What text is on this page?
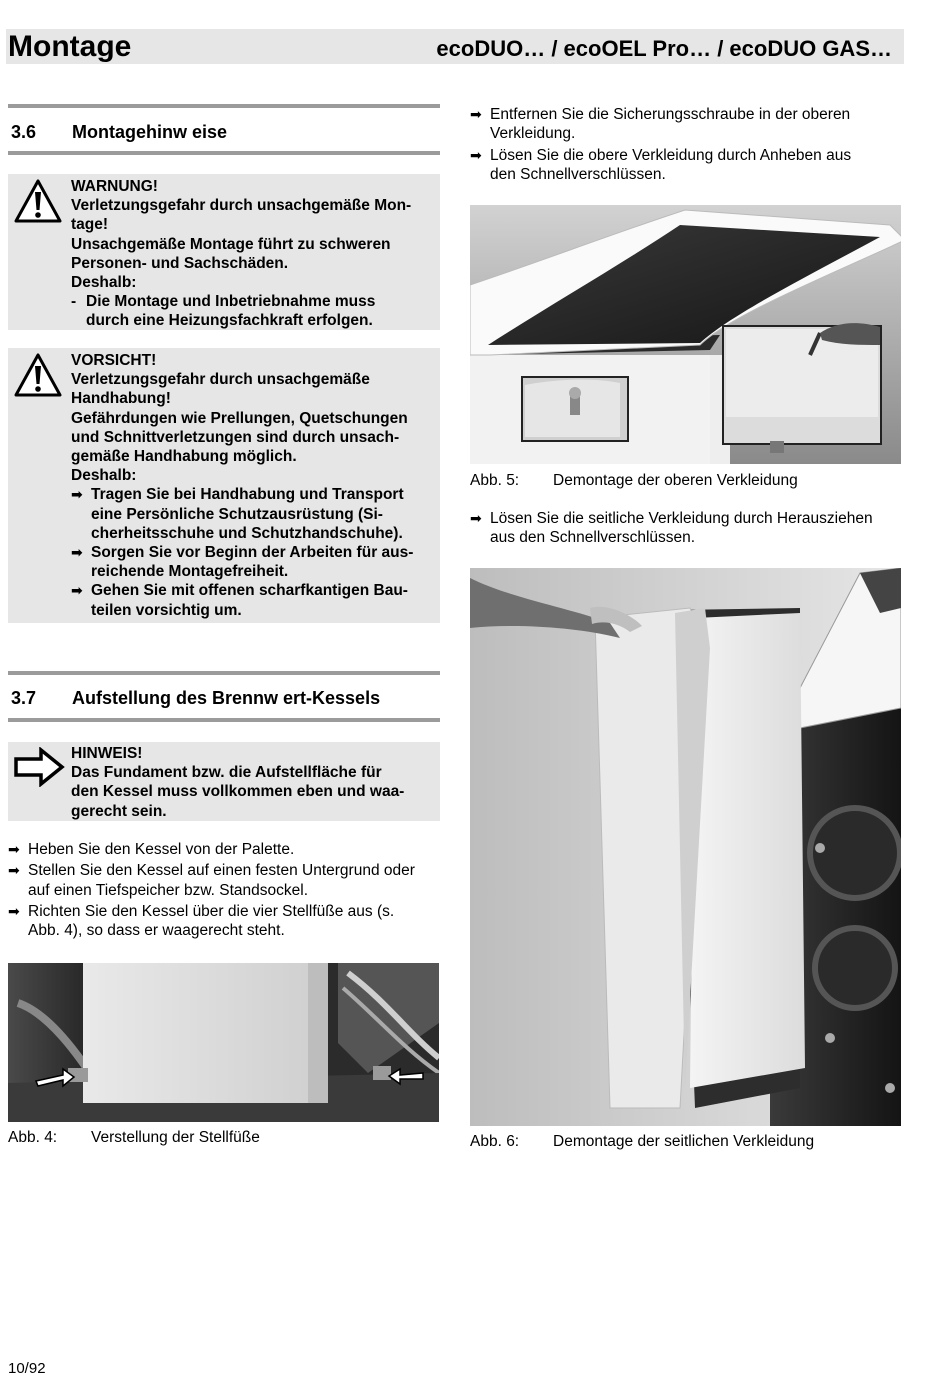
Montage	ecoDUO… / ecoOEL Pro… / ecoDUO GAS…
3.6 Montagehinw eise
WARNUNG!
Verletzungsgefahr durch unsachgemäße Mon-
tage!
Unsachgemäße Montage führt zu schweren
Personen- und Sachschäden.
Deshalb:
- Die Montage und Inbetriebnahme muss
durch eine Heizungsfachkraft erfolgen.
VORSICHT!
Verletzungsgefahr durch unsachgemäße
Handhabung!
Gefährdungen wie Prellungen, Quetschungen
und Schnittverletzungen sind durch unsach-
gemäße Handhabung möglich.
Deshalb:
➡ Tragen Sie bei Handhabung und Transport
eine Persönliche Schutzausrüstung (Si-
cherheitsschuhe und Schutzhandschuhe).
➡ Sorgen Sie vor Beginn der Arbeiten für aus-
reichende Montagefreiheit.
➡ Gehen Sie mit offenen scharfkantigen Bau-
teilen vorsichtig um.
3.7 Aufstellung des Brennw ert-Kessels
HINWEIS!
Das Fundament bzw. die Aufstellfläche für
den Kessel muss vollkommen eben und waa-
gerecht sein.
➡ Heben Sie den Kessel von der Palette.
➡ Stellen Sie den Kessel auf einen festen Untergrund oder
auf einen Tiefspeicher bzw. Standsockel.
➡ Richten Sie den Kessel über die vier Stellfüße aus (s.
Abb. 4), so dass er waagerecht steht.
Abb. 4: Verstellung der Stellfüße
➡ Entfernen Sie die Sicherungsschraube in der oberen
Verkleidung.
➡ Lösen Sie die obere Verkleidung durch Anheben aus
den Schnellverschlüssen.
Abb. 5: Demontage der oberen Verkleidung
➡ Lösen Sie die seitliche Verkleidung durch Herausziehen
aus den Schnellverschlüssen.
Abb. 6: Demontage der seitlichen Verkleidung
10/92
